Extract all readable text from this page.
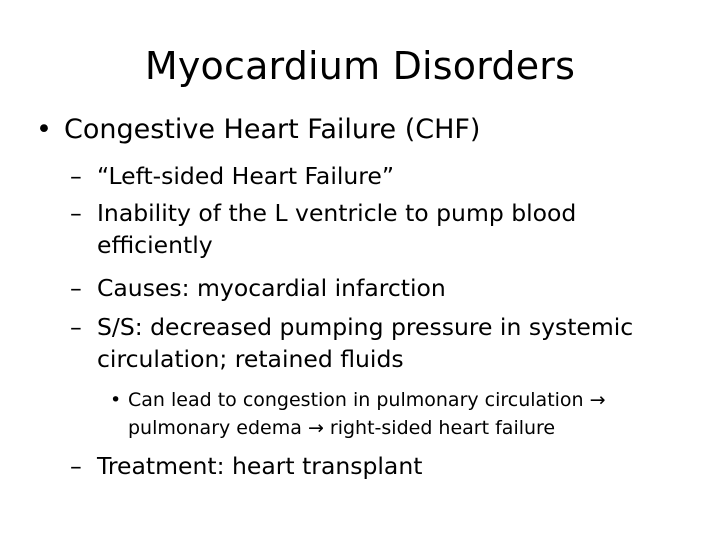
Myocardium Disorders
• Congestive Heart Failure (CHF)
– “Left-sided Heart Failure”
– Inability of the L ventricle to pump blood efficiently
– Causes: myocardial infarction
– S/S: decreased pumping pressure in systemic circulation; retained fluids
• Can lead to congestion in pulmonary circulation → pulmonary edema → right-sided heart failure
– Treatment: heart transplant
